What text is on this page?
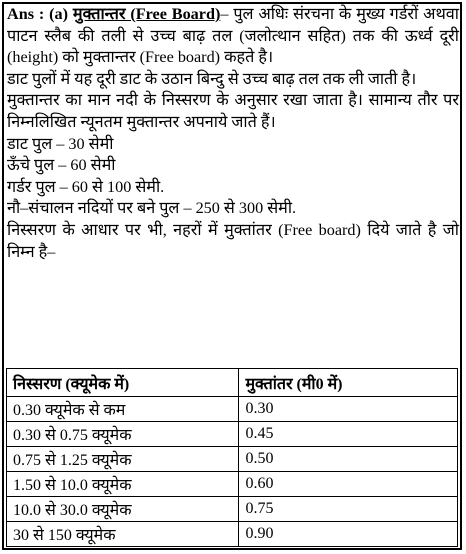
Ans : (a) मुक्तान्तर (Free Board)– पुल अधिः संरचना के मुख्य गर्डरों अथवा पाटन स्लैब की तली से उच्च बाढ़ तल (जलोत्थान सहित) तक की ऊर्ध्व दूरी (height) को मुक्तान्तर (Free board) कहते है।

डाट पुलों में यह दूरी डाट के उठान बिन्दु से उच्च बाढ़ तल तक ली जाती है।

मुक्तान्तर का मान नदी के निस्सरण के अनुसार रखा जाता है। सामान्य तौर पर निम्नलिखित न्यूनतम मुक्तान्तर अपनाये जाते हैं।

डाट पुल – 30 सेमी
ऊँचे पुल – 60 सेमी
गर्डर पुल – 60 से 100 सेमी.
नौ–संचालन नदियों पर बने पुल – 250 से 300 सेमी.

निस्सरण के आधार पर भी, नहरों में मुक्तांतर (Free board) दिये जाते है जो निम्न है–

निस्सरण (क्यूमेक में)	मुक्तांतर (मी0 में)
0.30 क्यूमेक से कम	0.30
0.30 से 0.75 क्यूमेक	0.45
0.75 से 1.25 क्यूमेक	0.50
1.50 से 10.0 क्यूमेक	0.60
10.0 से 30.0 क्यूमेक	0.75
30 से 150 क्यूमेक	0.90
